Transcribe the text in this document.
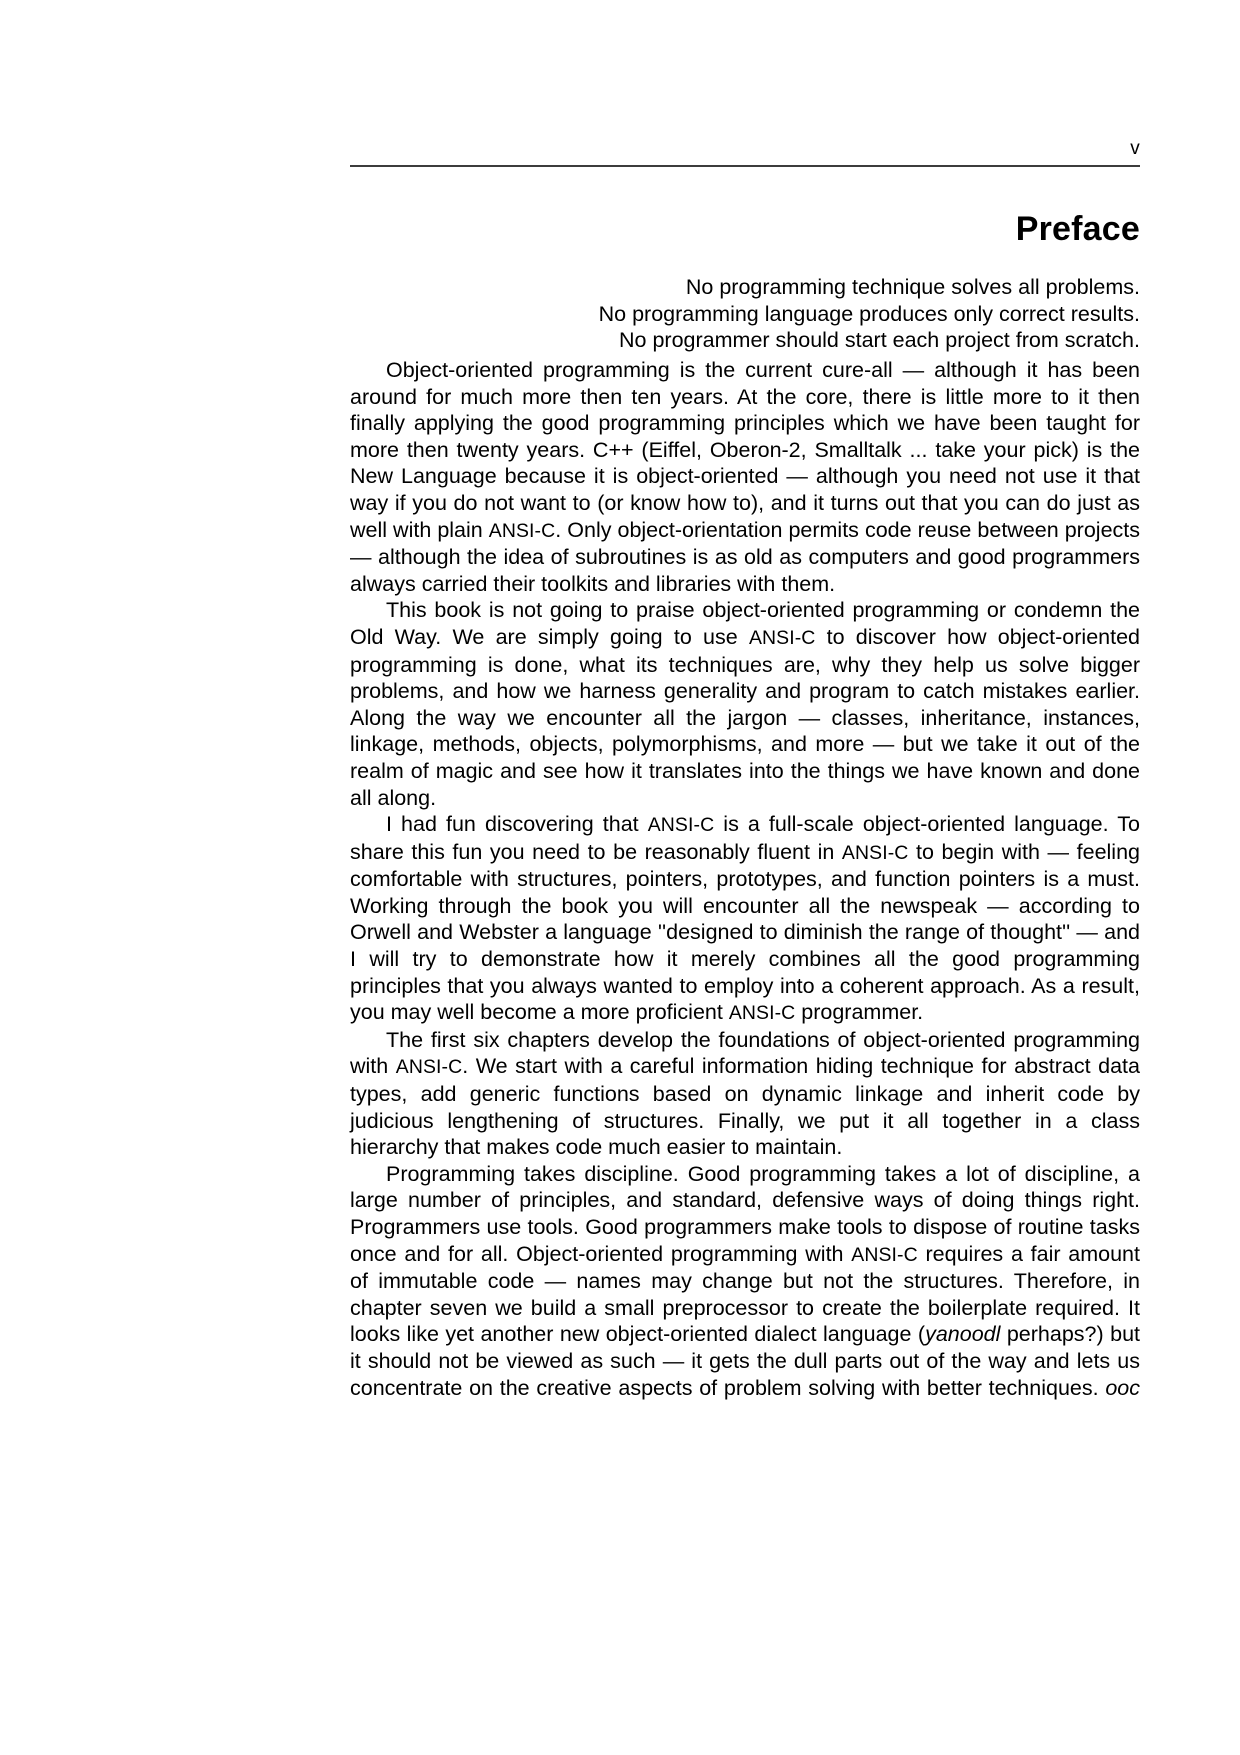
v
Preface
No programming technique solves all problems.
No programming language produces only correct results.
No programmer should start each project from scratch.

Object-oriented programming is the current cure-all — although it has been around for much more then ten years. At the core, there is little more to it then finally applying the good programming principles which we have been taught for more then twenty years. C++ (Eiffel, Oberon-2, Smalltalk ... take your pick) is the New Language because it is object-oriented — although you need not use it that way if you do not want to (or know how to), and it turns out that you can do just as well with plain ANSI-C. Only object-orientation permits code reuse between projects — although the idea of subroutines is as old as computers and good programmers always carried their toolkits and libraries with them.

This book is not going to praise object-oriented programming or condemn the Old Way. We are simply going to use ANSI-C to discover how object-oriented programming is done, what its techniques are, why they help us solve bigger problems, and how we harness generality and program to catch mistakes earlier. Along the way we encounter all the jargon — classes, inheritance, instances, linkage, methods, objects, polymorphisms, and more — but we take it out of the realm of magic and see how it translates into the things we have known and done all along.

I had fun discovering that ANSI-C is a full-scale object-oriented language. To share this fun you need to be reasonably fluent in ANSI-C to begin with — feeling comfortable with structures, pointers, prototypes, and function pointers is a must. Working through the book you will encounter all the newspeak — according to Orwell and Webster a language ''designed to diminish the range of thought'' — and I will try to demonstrate how it merely combines all the good programming principles that you always wanted to employ into a coherent approach. As a result, you may well become a more proficient ANSI-C programmer.

The first six chapters develop the foundations of object-oriented programming with ANSI-C. We start with a careful information hiding technique for abstract data types, add generic functions based on dynamic linkage and inherit code by judicious lengthening of structures. Finally, we put it all together in a class hierarchy that makes code much easier to maintain.

Programming takes discipline. Good programming takes a lot of discipline, a large number of principles, and standard, defensive ways of doing things right. Programmers use tools. Good programmers make tools to dispose of routine tasks once and for all. Object-oriented programming with ANSI-C requires a fair amount of immutable code — names may change but not the structures. Therefore, in chapter seven we build a small preprocessor to create the boilerplate required. It looks like yet another new object-oriented dialect language (yanoodl perhaps?) but it should not be viewed as such — it gets the dull parts out of the way and lets us concentrate on the creative aspects of problem solving with better techniques. ooc
